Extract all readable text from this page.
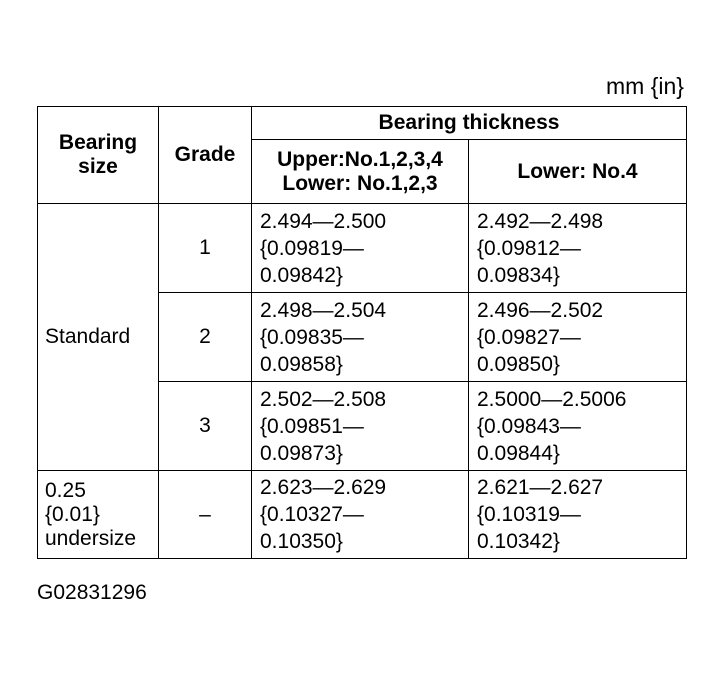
mm {in}
Bearing
size	Grade	Bearing thickness	

		Upper:No.1,2,3,4
Lower: No.1,2,3	Lower: No.4
Standard	1	2.494—2.500
{0.09819—
0.09842}	2.492—2.498
{0.09812—
0.09834}

	2	2.498—2.504
{0.09835—
0.09858}	2.496—2.502
{0.09827—
0.09850}

	3	2.502—2.508
{0.09851—
0.09873}	2.5000—2.5006
{0.09843—
0.09844}

0.25
{0.01}
undersize	–	2.623—2.629
{0.10327—
0.10350}	2.621—2.627
{0.10319—
0.10342}
G02831296
